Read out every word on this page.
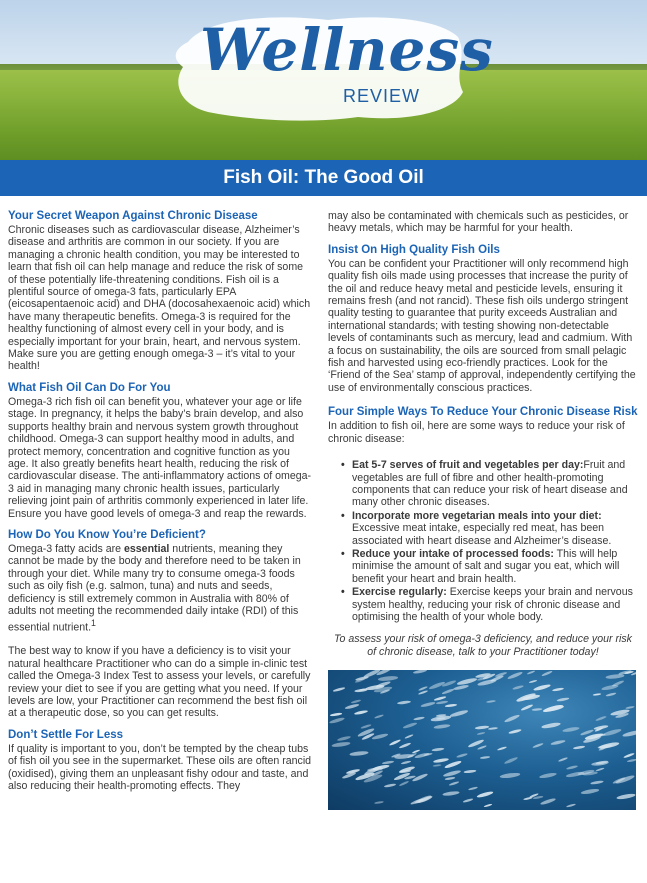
Wellness
REVIEW
Fish Oil: The Good Oil
Your Secret Weapon Against Chronic Disease

Chronic diseases such as cardiovascular disease, Alzheimer’s disease and arthritis are common in our society. If you are managing a chronic health condition, you may be interested to learn that fish oil can help manage and reduce the risk of some of these potentially life-threatening conditions. Fish oil is a plentiful source of omega-3 fats, particularly EPA (eicosapentaenoic acid) and DHA (docosahexaenoic acid) which have many therapeutic benefits. Omega-3 is required for the healthy functioning of almost every cell in your body, and is especially important for your brain, heart, and nervous system. Make sure you are getting enough omega-3 – it’s vital to your health!

What Fish Oil Can Do For You

Omega-3 rich fish oil can benefit you, whatever your age or life stage. In pregnancy, it helps the baby’s brain develop, and also supports healthy brain and nervous system growth throughout childhood. Omega-3 can support healthy mood in adults, and protect memory, concentration and cognitive function as you age. It also greatly benefits heart health, reducing the risk of cardiovascular disease. The anti-inflammatory actions of omega-3 aid in managing many chronic health issues, particularly relieving joint pain of arthritis commonly experienced in later life. Ensure you have good levels of omega-3 and reap the rewards.

How Do You Know You’re Deficient?

Omega-3 fatty acids are essential nutrients, meaning they cannot be made by the body and therefore need to be taken in through your diet. While many try to consume omega-3 foods such as oily fish (e.g. salmon, tuna) and nuts and seeds, deficiency is still extremely common in Australia with 80% of adults not meeting the recommended daily intake (RDI) of this essential nutrient.$^1$

The best way to know if you have a deficiency is to visit your natural healthcare Practitioner who can do a simple in-clinic test called the Omega-3 Index Test to assess your levels, or carefully review your diet to see if you are getting what you need. If your levels are low, your Practitioner can recommend the best fish oil at a therapeutic dose, so you can get results.

Don’t Settle For Less

If quality is important to you, don’t be tempted by the cheap tubs of fish oil you see in the supermarket. These oils are often rancid (oxidised), giving them an unpleasant fishy odour and taste, and also reducing their health-promoting effects. They

may also be contaminated with chemicals such as pesticides, or heavy metals, which may be harmful for your health.

Insist On High Quality Fish Oils

You can be confident your Practitioner will only recommend high quality fish oils made using processes that increase the purity of the oil and reduce heavy metal and pesticide levels, ensuring it remains fresh (and not rancid). These fish oils undergo stringent quality testing to guarantee that purity exceeds Australian and international standards; with testing showing non-detectable levels of contaminants such as mercury, lead and cadmium. With a focus on sustainability, the oils are sourced from small pelagic fish and harvested using eco-friendly practices. Look for the ‘Friend of the Sea’ stamp of approval, independently certifying the use of environmentally conscious practices.

Four Simple Ways To Reduce Your Chronic Disease Risk

In addition to fish oil, here are some ways to reduce your risk of chronic disease:

• Eat 5-7 serves of fruit and vegetables per day:Fruit and vegetables are full of fibre and other health-promoting components that can reduce your risk of heart disease and many other chronic diseases.
• Incorporate more vegetarian meals into your diet: Excessive meat intake, especially red meat, has been associated with heart disease and Alzheimer’s disease.
• Reduce your intake of processed foods: This will help minimise the amount of salt and sugar you eat, which will benefit your heart and brain health.
• Exercise regularly: Exercise keeps your brain and nervous system healthy, reducing your risk of chronic disease and optimising the health of your whole body.

To assess your risk of omega-3 deficiency, and reduce your risk of chronic disease, talk to your Practitioner today!
